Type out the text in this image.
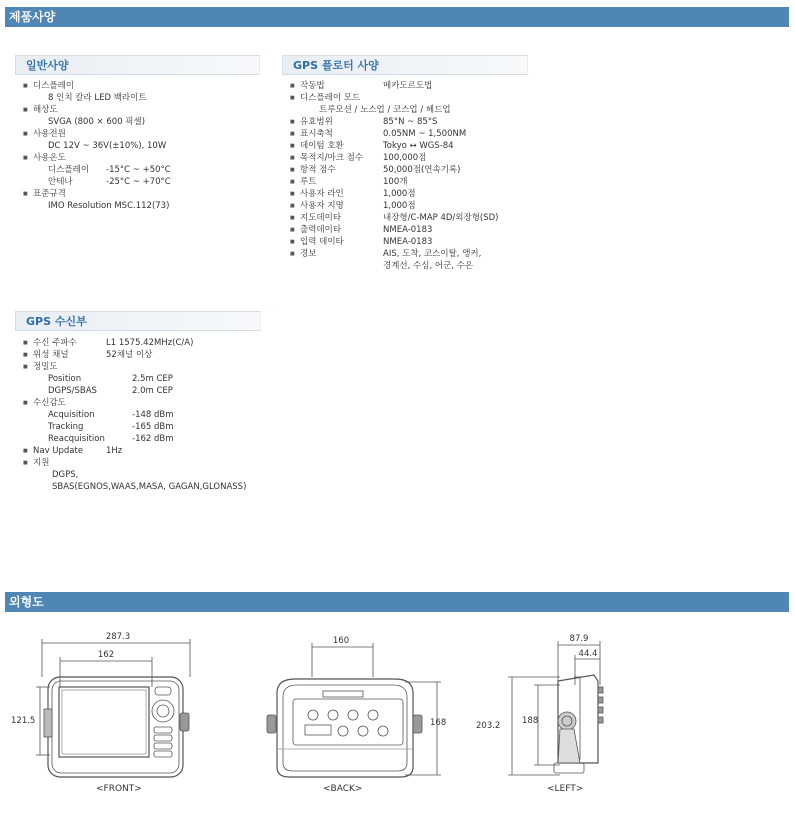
제품사양
일반사양
■ 디스플레이
8 인치 칼라 LED 백라이트
■ 해상도
SVGA (800 × 600 픽셀)
■ 사용전원
DC 12V ~ 36V(±10%), 10W
■ 사용온도
디스플레이 -15°C ~ +50°C
안테나	-25°C ~ +70°C
■ 표준규격
IMO Resolution MSC.112(73)
GPS 플로터 사양
■ 작동법	메카도르도법
■ 디스플레이 모드
트루모션 / 노스업 / 코스업 / 헤드업
■ 유효범위	85°N ~ 85°S
■ 표시축척	0.05NM ~ 1,500NM
■ 데이텀 호환	Tokyo ↔ WGS-84
■ 목적지/마크 점수 100,000점
■ 항적 점수	50,000점(연속기록)
■ 루트	100개
■ 사용자 라인	1,000점
■ 사용자 지명	1,000점
■ 지도데이타	내장형/C-MAP 4D/외장형(SD)
■ 출력데이타	NMEA-0183
■ 입력 데이타	NMEA-0183
■ 경보	AIS, 도착, 코스이탈, 앵커,
경계선, 수심, 어군, 수온
GPS 수신부
■ 수신 주파수	L1 1575.42MHz(C/A)
■ 위성 채널	52채널 이상
■ 정밀도
Position	2.5m CEP
DGPS/SBAS	2.0m CEP
■ 수신감도
Acquisition	-148 dBm
Tracking	-165 dBm
Reacquisition	-162 dBm
■ Nav Update	1Hz
■ 지원
DGPS,
SBAS(EGNOS,WAAS,MASA, GAGAN,GLONASS)
외형도
287.3
162
121.5
<FRONT>
160
168
<BACK>
87.9
44.4
203.2	188
<LEFT>
